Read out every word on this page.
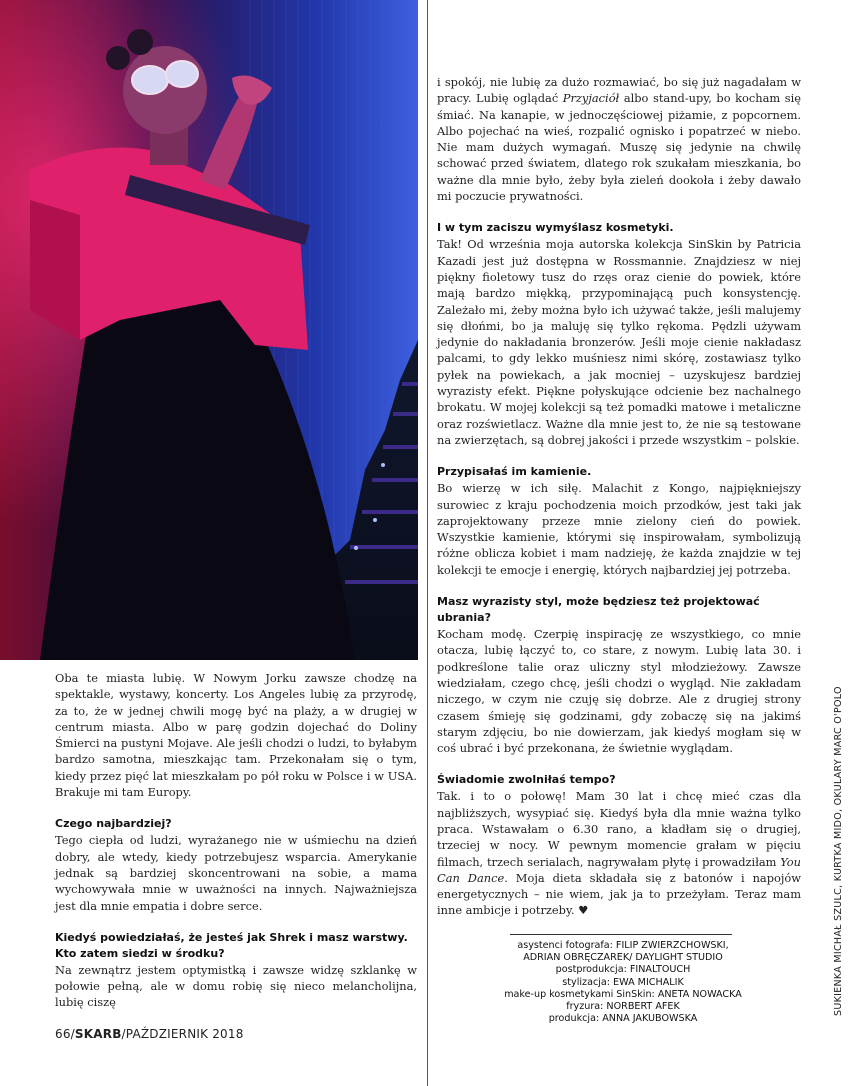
Oba te miasta lubię. W Nowym Jorku zawsze chodzę na spektakle, wystawy, koncerty. Los Angeles lubię za przyrodę, za to, że w jednej chwili mogę być na plaży, a w drugiej w centrum miasta. Albo w parę godzin dojechać do Doliny Śmierci na pustyni Mojave. Ale jeśli chodzi o ludzi, to byłabym bardzo samotna, mieszkając tam. Przekonałam się o tym, kiedy przez pięć lat mieszkałam po pół roku w Polsce i w USA. Brakuje mi tam Europy.

Czego najbardziej?

Tego ciepła od ludzi, wyrażanego nie w uśmiechu na dzień dobry, ale wtedy, kiedy potrzebujesz wsparcia. Amerykanie jednak są bardziej skoncentrowani na sobie, a mama wychowywała mnie w uważności na innych. Najważniejsza jest dla mnie empatia i dobre serce.

Kiedyś powiedziałaś, że jesteś jak Shrek i masz warstwy.
Kto zatem siedzi w środku?

Na zewnątrz jestem optymistką i zawsze widzę szklankę w połowie pełną, ale w domu robię się nieco melancholijna, lubię ciszę

i spokój, nie lubię za dużo rozmawiać, bo się już nagadałam w pracy. Lubię oglądać Przyjaciół albo stand-upy, bo kocham się śmiać. Na kanapie, w jednoczęściowej piżamie, z popcornem. Albo pojechać na wieś, rozpalić ognisko i popatrzeć w niebo. Nie mam dużych wymagań. Muszę się jedynie na chwilę schować przed światem, dlatego rok szukałam mieszkania, bo ważne dla mnie było, żeby była zieleń dookoła i żeby dawało mi poczucie prywatności.

I w tym zaciszu wymyślasz kosmetyki.

Tak! Od września moja autorska kolekcja SinSkin by Patricia Kazadi jest już dostępna w Rossmannie. Znajdziesz w niej piękny fioletowy tusz do rzęs oraz cienie do powiek, które mają bardzo miękką, przypominającą puch konsystencję. Zależało mi, żeby można było ich używać także, jeśli malujemy się dłońmi, bo ja maluję się tylko rękoma. Pędzli używam jedynie do nakładania bronzerów. Jeśli moje cienie nakładasz palcami, to gdy lekko muśniesz nimi skórę, zostawiasz tylko pyłek na powiekach, a jak mocniej – uzyskujesz bardziej wyrazisty efekt. Piękne połyskujące odcienie bez nachalnego brokatu. W mojej kolekcji są też pomadki matowe i metaliczne oraz rozświetlacz. Ważne dla mnie jest to, że nie są testowane na zwierzętach, są dobrej jakości i przede wszystkim – polskie.

Przypisałaś im kamienie.

Bo wierzę w ich siłę. Malachit z Kongo, najpiękniejszy surowiec z kraju pochodzenia moich przodków, jest taki jak zaprojektowany przeze mnie zielony cień do powiek. Wszystkie kamienie, którymi się inspirowałam, symbolizują różne oblicza kobiet i mam nadzieję, że każda znajdzie w tej kolekcji te emocje i energię, których najbardziej jej potrzeba.

Masz wyrazisty styl, może będziesz też projektować ubrania?

Kocham modę. Czerpię inspirację ze wszystkiego, co mnie otacza, lubię łączyć to, co stare, z nowym. Lubię lata 30. i podkreślone talie oraz uliczny styl młodzieżowy. Zawsze wiedziałam, czego chcę, jeśli chodzi o wygląd. Nie zakładam niczego, w czym nie czuję się dobrze. Ale z drugiej strony czasem śmieję się godzinami, gdy zobaczę się na jakimś starym zdjęciu, bo nie dowierzam, jak kiedyś mogłam się w coś ubrać i być przekonana, że świetnie wyglądam.

Świadomie zwolniłaś tempo?

Tak. i to o połowę! Mam 30 lat i chcę mieć czas dla najbliższych, wysypiać się. Kiedyś była dla mnie ważna tylko praca. Wstawałam o 6.30 rano, a kładłam się o drugiej, trzeciej w nocy. W pewnym momencie grałam w pięciu filmach, trzech serialach, nagrywałam płytę i prowadziłam You Can Dance. Moja dieta składała się z batonów i napojów energetycznych – nie wiem, jak ja to przeżyłam. Teraz mam inne ambicje i potrzeby. ♥

asystenci fotografa: FILIP ZWIERZCHOWSKI,
ADRIAN OBRĘCZAREK/ DAYLIGHT STUDIO
postprodukcja: FINALTOUCH
stylizacja: EWA MICHALIK
make-up kosmetykami SinSkin: ANETA NOWACKA
fryzura: NORBERT AFEK
produkcja: ANNA JAKUBOWSKA
66/SKARB/PAŹDZIERNIK 2018
SUKIENKA MICHAŁ SZULC, KURTKA MIDO, OKULARY MARC O'POLO
